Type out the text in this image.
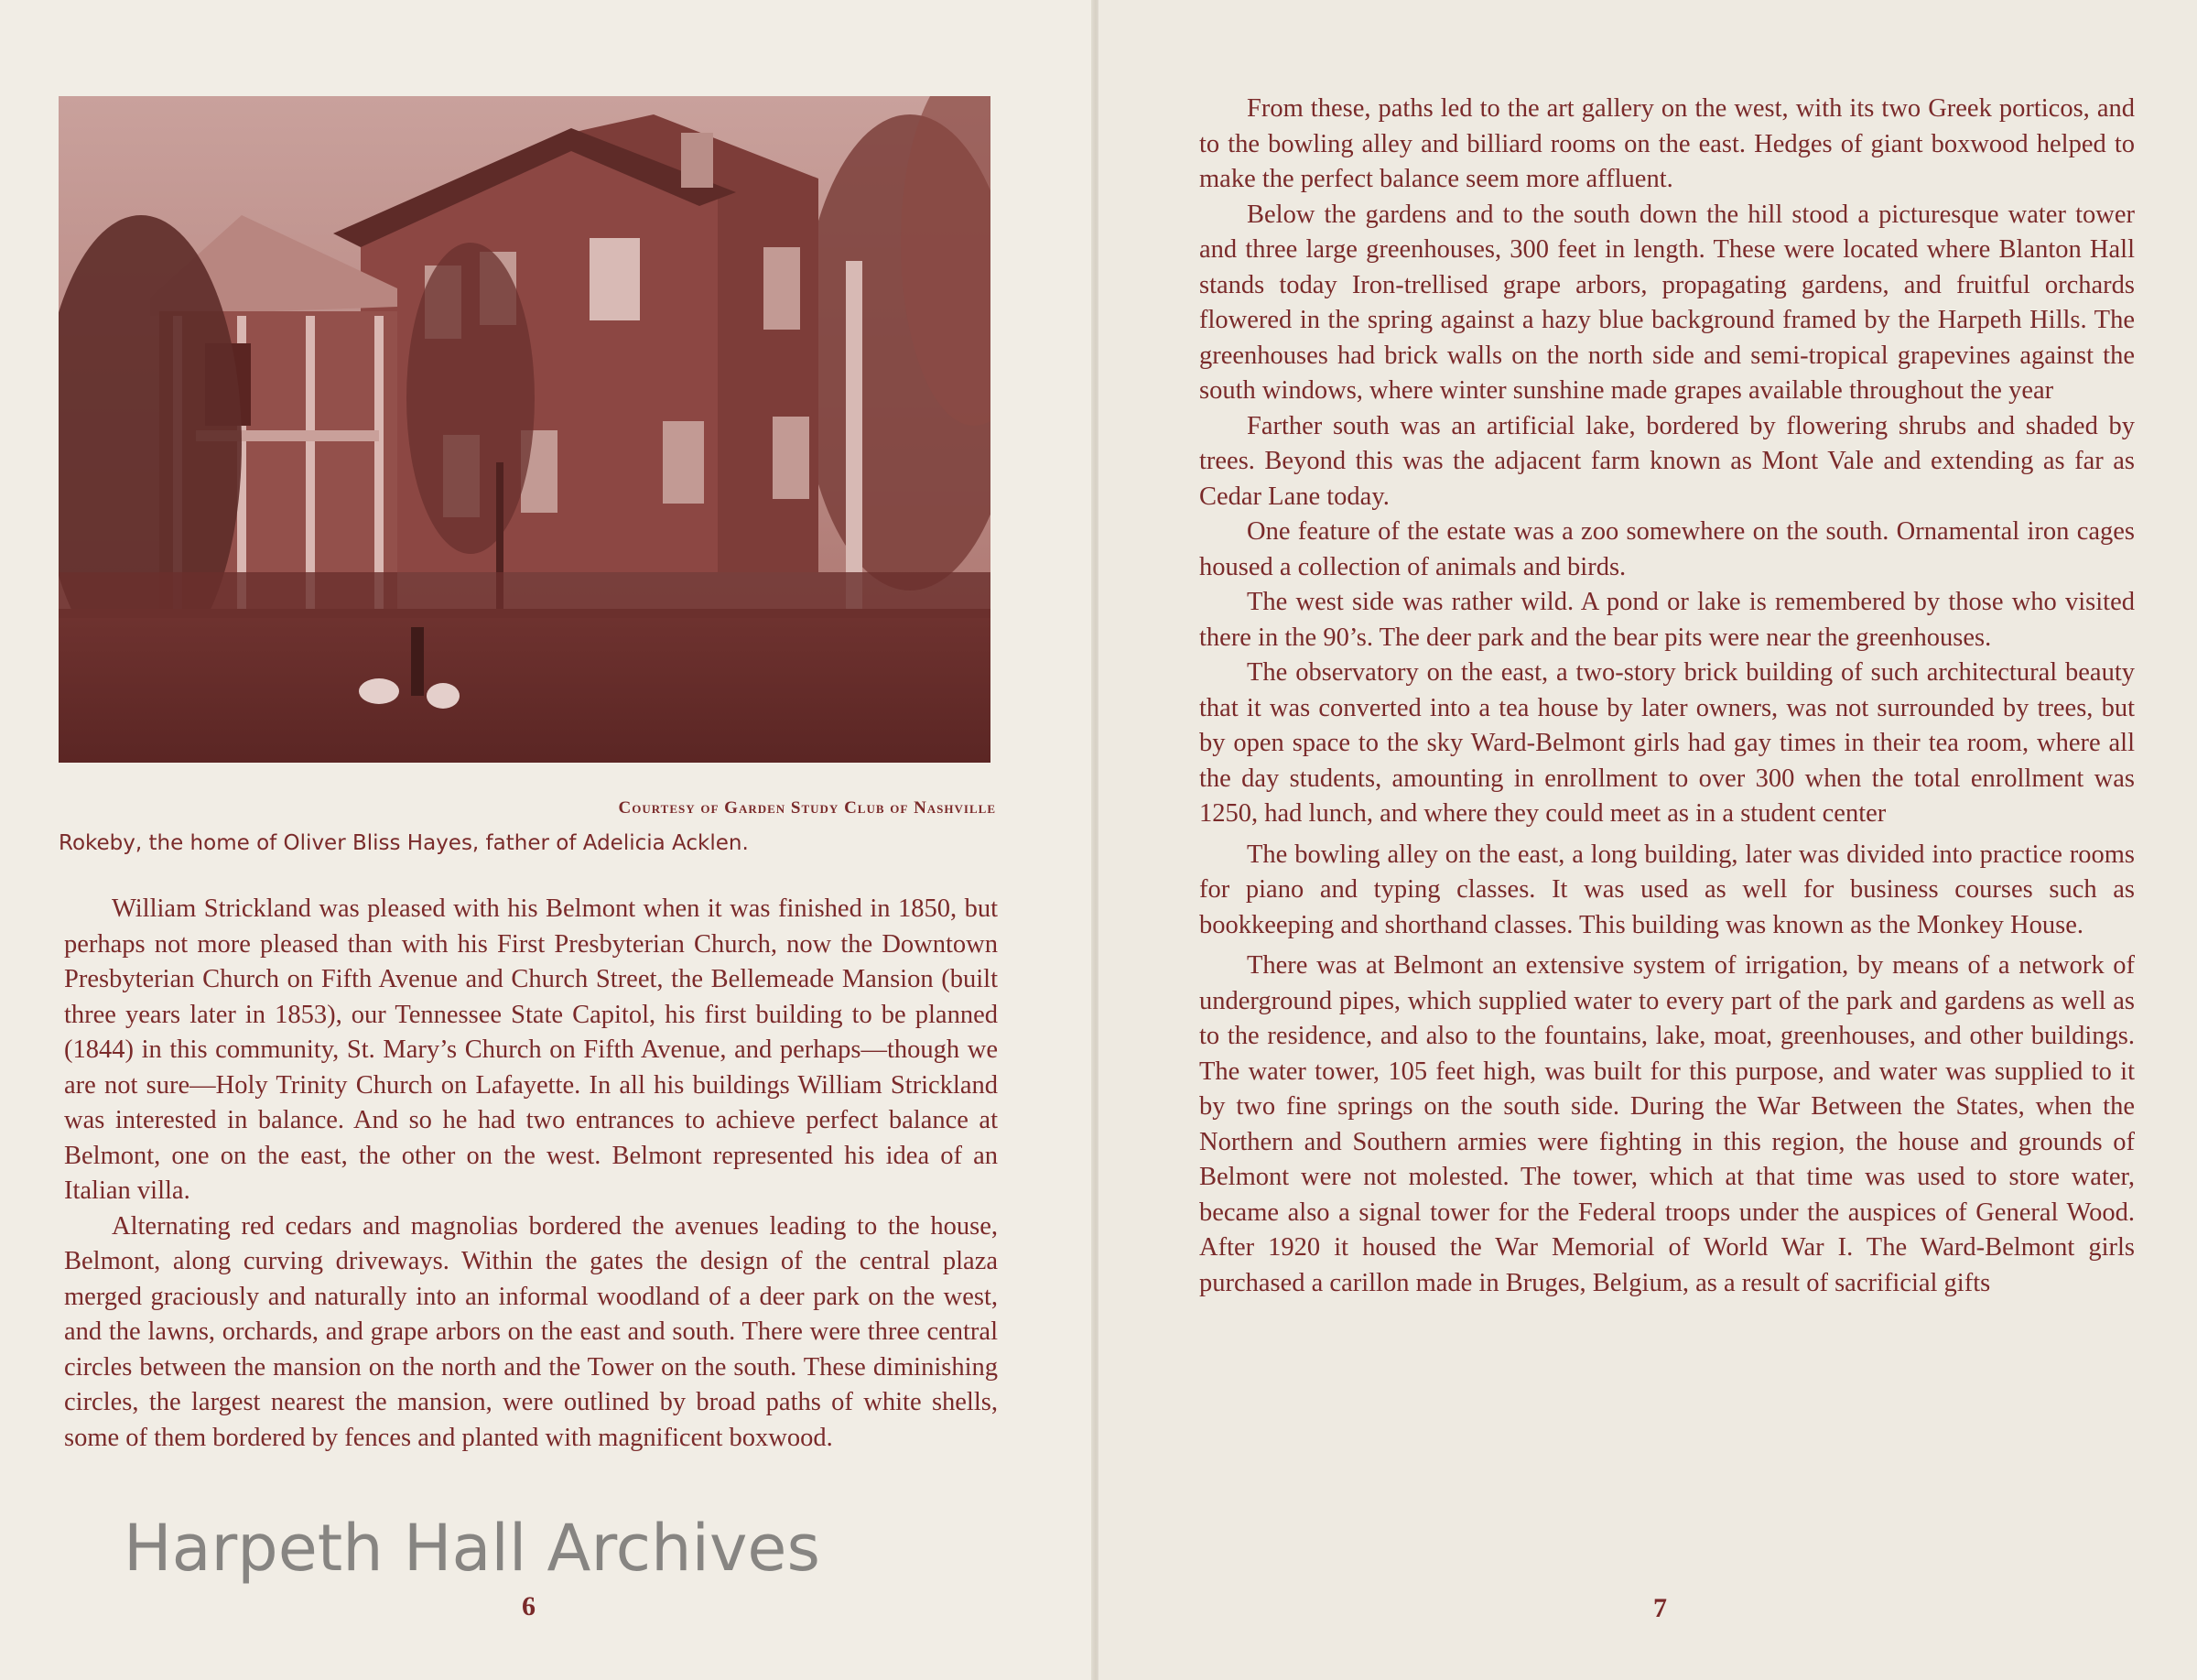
Courtesy of Garden Study Club of Nashville
Rokeby, the home of Oliver Bliss Hayes, father of Adelicia Acklen.

William Strickland was pleased with his Belmont when it was finished in 1850, but perhaps not more pleased than with his First Presbyterian Church, now the Downtown Presbyterian Church on Fifth Avenue and Church Street, the Bellemeade Mansion (built three years later in 1853), our Tennessee State Capitol, his first building to be planned (1844) in this community, St. Mary’s Church on Fifth Avenue, and perhaps—though we are not sure—Holy Trinity Church on Lafayette. In all his buildings William Strickland was interested in balance. And so he had two entrances to achieve perfect balance at Belmont, one on the east, the other on the west. Belmont represented his idea of an Italian villa.

Alternating red cedars and magnolias bordered the avenues leading to the house, Belmont, along curving driveways. Within the gates the design of the central plaza merged graciously and naturally into an informal woodland of a deer park on the west, and the lawns, orchards, and grape arbors on the east and south. There were three central circles between the mansion on the north and the Tower on the south. These diminishing circles, the largest nearest the mansion, were outlined by broad paths of white shells, some of them bordered by fences and planted with magnificent boxwood.

6

From these, paths led to the art gallery on the west, with its two Greek porticos, and to the bowling alley and billiard rooms on the east. Hedges of giant boxwood helped to make the perfect balance seem more affluent.

Below the gardens and to the south down the hill stood a picturesque water tower and three large greenhouses, 300 feet in length. These were located where Blanton Hall stands today Iron-trellised grape arbors, propagating gardens, and fruitful orchards flowered in the spring against a hazy blue background framed by the Harpeth Hills. The greenhouses had brick walls on the north side and semi-tropical grapevines against the south windows, where winter sunshine made grapes available throughout the year

Farther south was an artificial lake, bordered by flowering shrubs and shaded by trees. Beyond this was the adjacent farm known as Mont Vale and extending as far as Cedar Lane today.

One feature of the estate was a zoo somewhere on the south. Ornamental iron cages housed a collection of animals and birds.

The west side was rather wild. A pond or lake is remembered by those who visited there in the 90’s. The deer park and the bear pits were near the greenhouses.

The observatory on the east, a two-story brick building of such architectural beauty that it was converted into a tea house by later owners, was not surrounded by trees, but by open space to the sky Ward-Belmont girls had gay times in their tea room, where all the day students, amounting in enrollment to over 300 when the total enrollment was 1250, had lunch, and where they could meet as in a student center

The bowling alley on the east, a long building, later was divided into practice rooms for piano and typing classes. It was used as well for business courses such as bookkeeping and shorthand classes. This building was known as the Monkey House.

There was at Belmont an extensive system of irrigation, by means of a network of underground pipes, which supplied water to every part of the park and gardens as well as to the residence, and also to the fountains, lake, moat, greenhouses, and other buildings. The water tower, 105 feet high, was built for this purpose, and water was supplied to it by two fine springs on the south side. During the War Between the States, when the Northern and Southern armies were fighting in this region, the house and grounds of Belmont were not molested. The tower, which at that time was used to store water, became also a signal tower for the Federal troops under the auspices of General Wood. After 1920 it housed the War Memorial of World War I. The Ward-Belmont girls purchased a carillon made in Bruges, Belgium, as a result of sacrificial gifts

7
Harpeth Hall Archives
